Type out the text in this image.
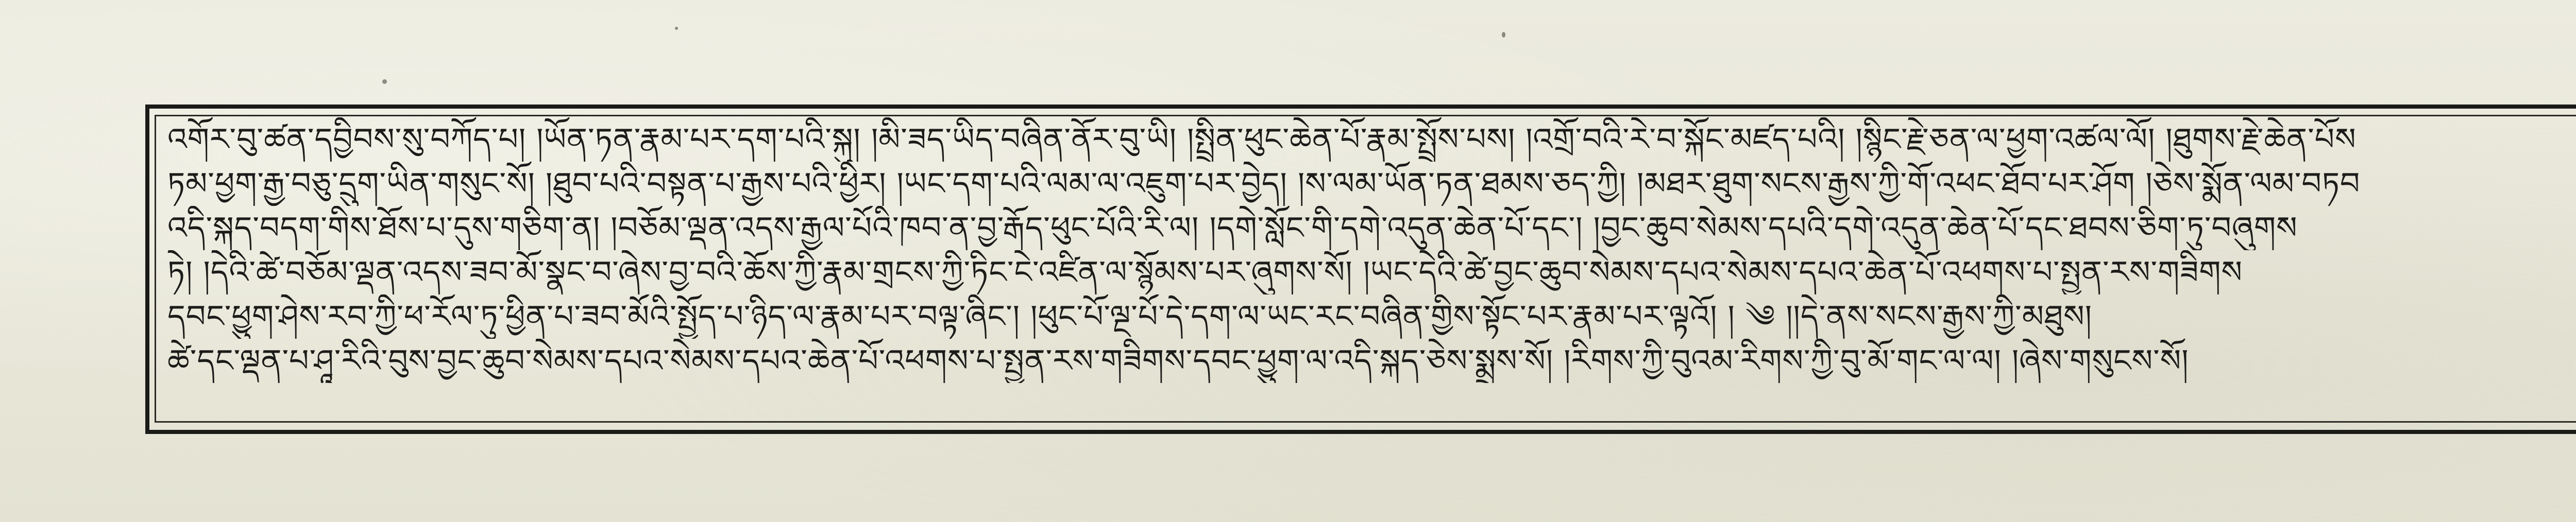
འགོར་བུ་ཚན་དབྱིབས་སུ་བཀོད་པ། །ཡོན་ཏན་རྣམ་པར་དག་པའི་སྐུ། །མི་ཟད་ཡིད་བཞིན་ནོར་བུ་ཡི། །སྤྲིན་ཕུང་ཆེན་པོ་རྣམ་སྤྲོས་པས། །འགྲོ་བའི་རེ་བ་སྐོང་མཛད་པའི། །སྙིང་རྗེ་ཅན་ལ་ཕྱག་འཚལ་ལོ། །ཐུགས་རྗེ་ཆེན་པོས
ཏམ་ཕྱག་རྒྱ་བཅུ་དྲུག་ཡིན་གསུང་སོ། །ཐུབ་པའི་བསྟན་པ་རྒྱས་པའི་ཕྱིར། །ཡང་དག་པའི་ལམ་ལ་འཇུག་པར་བྱེད། །ས་ལམ་ཡོན་ཏན་ཐམས་ཅད་ཀྱི། །མཐར་ཐུག་སངས་རྒྱས་ཀྱི་གོ་འཕང་ཐོབ་པར་ཤོག །ཅེས་སྨོན་ལམ་བཏབ
འདི་སྐད་བདག་གིས་ཐོས་པ་དུས་གཅིག་ན། །བཅོམ་ལྡན་འདས་རྒྱལ་པོའི་ཁབ་ན་བྱ་རྒོད་ཕུང་པོའི་རི་ལ། །དགེ་སློང་གི་དགེ་འདུན་ཆེན་པོ་དང་། །བྱང་ཆུབ་སེམས་དཔའི་དགེ་འདུན་ཆེན་པོ་དང་ཐབས་ཅིག་ཏུ་བཞུགས
ཏེ། །དེའི་ཚེ་བཅོམ་ལྡན་འདས་ཟབ་མོ་སྣང་བ་ཞེས་བྱ་བའི་ཆོས་ཀྱི་རྣམ་གྲངས་ཀྱི་ཏིང་ངེ་འཛིན་ལ་སྙོམས་པར་ཞུགས་སོ། །ཡང་དེའི་ཚེ་བྱང་ཆུབ་སེམས་དཔའ་སེམས་དཔའ་ཆེན་པོ་འཕགས་པ་སྤྱན་རས་གཟིགས
དབང་ཕྱུག་ཤེས་རབ་ཀྱི་ཕ་རོལ་ཏུ་ཕྱིན་པ་ཟབ་མོའི་སྤྱོད་པ་ཉིད་ལ་རྣམ་པར་བལྟ་ཞིང་། །ཕུང་པོ་ལྔ་པོ་དེ་དག་ལ་ཡང་རང་བཞིན་གྱིས་སྟོང་པར་རྣམ་པར་ལྟའོ། ། ༄ །།དེ་ནས་སངས་རྒྱས་ཀྱི་མཐུས།
ཚེ་དང་ལྡན་པ་ཤཱ་རིའི་བུས་བྱང་ཆུབ་སེམས་དཔའ་སེམས་དཔའ་ཆེན་པོ་འཕགས་པ་སྤྱན་རས་གཟིགས་དབང་ཕྱུག་ལ་འདི་སྐད་ཅེས་སྨྲས་སོ། །རིགས་ཀྱི་བུའམ་རིགས་ཀྱི་བུ་མོ་གང་ལ་ལ། །ཞེས་གསུངས་སོ།
